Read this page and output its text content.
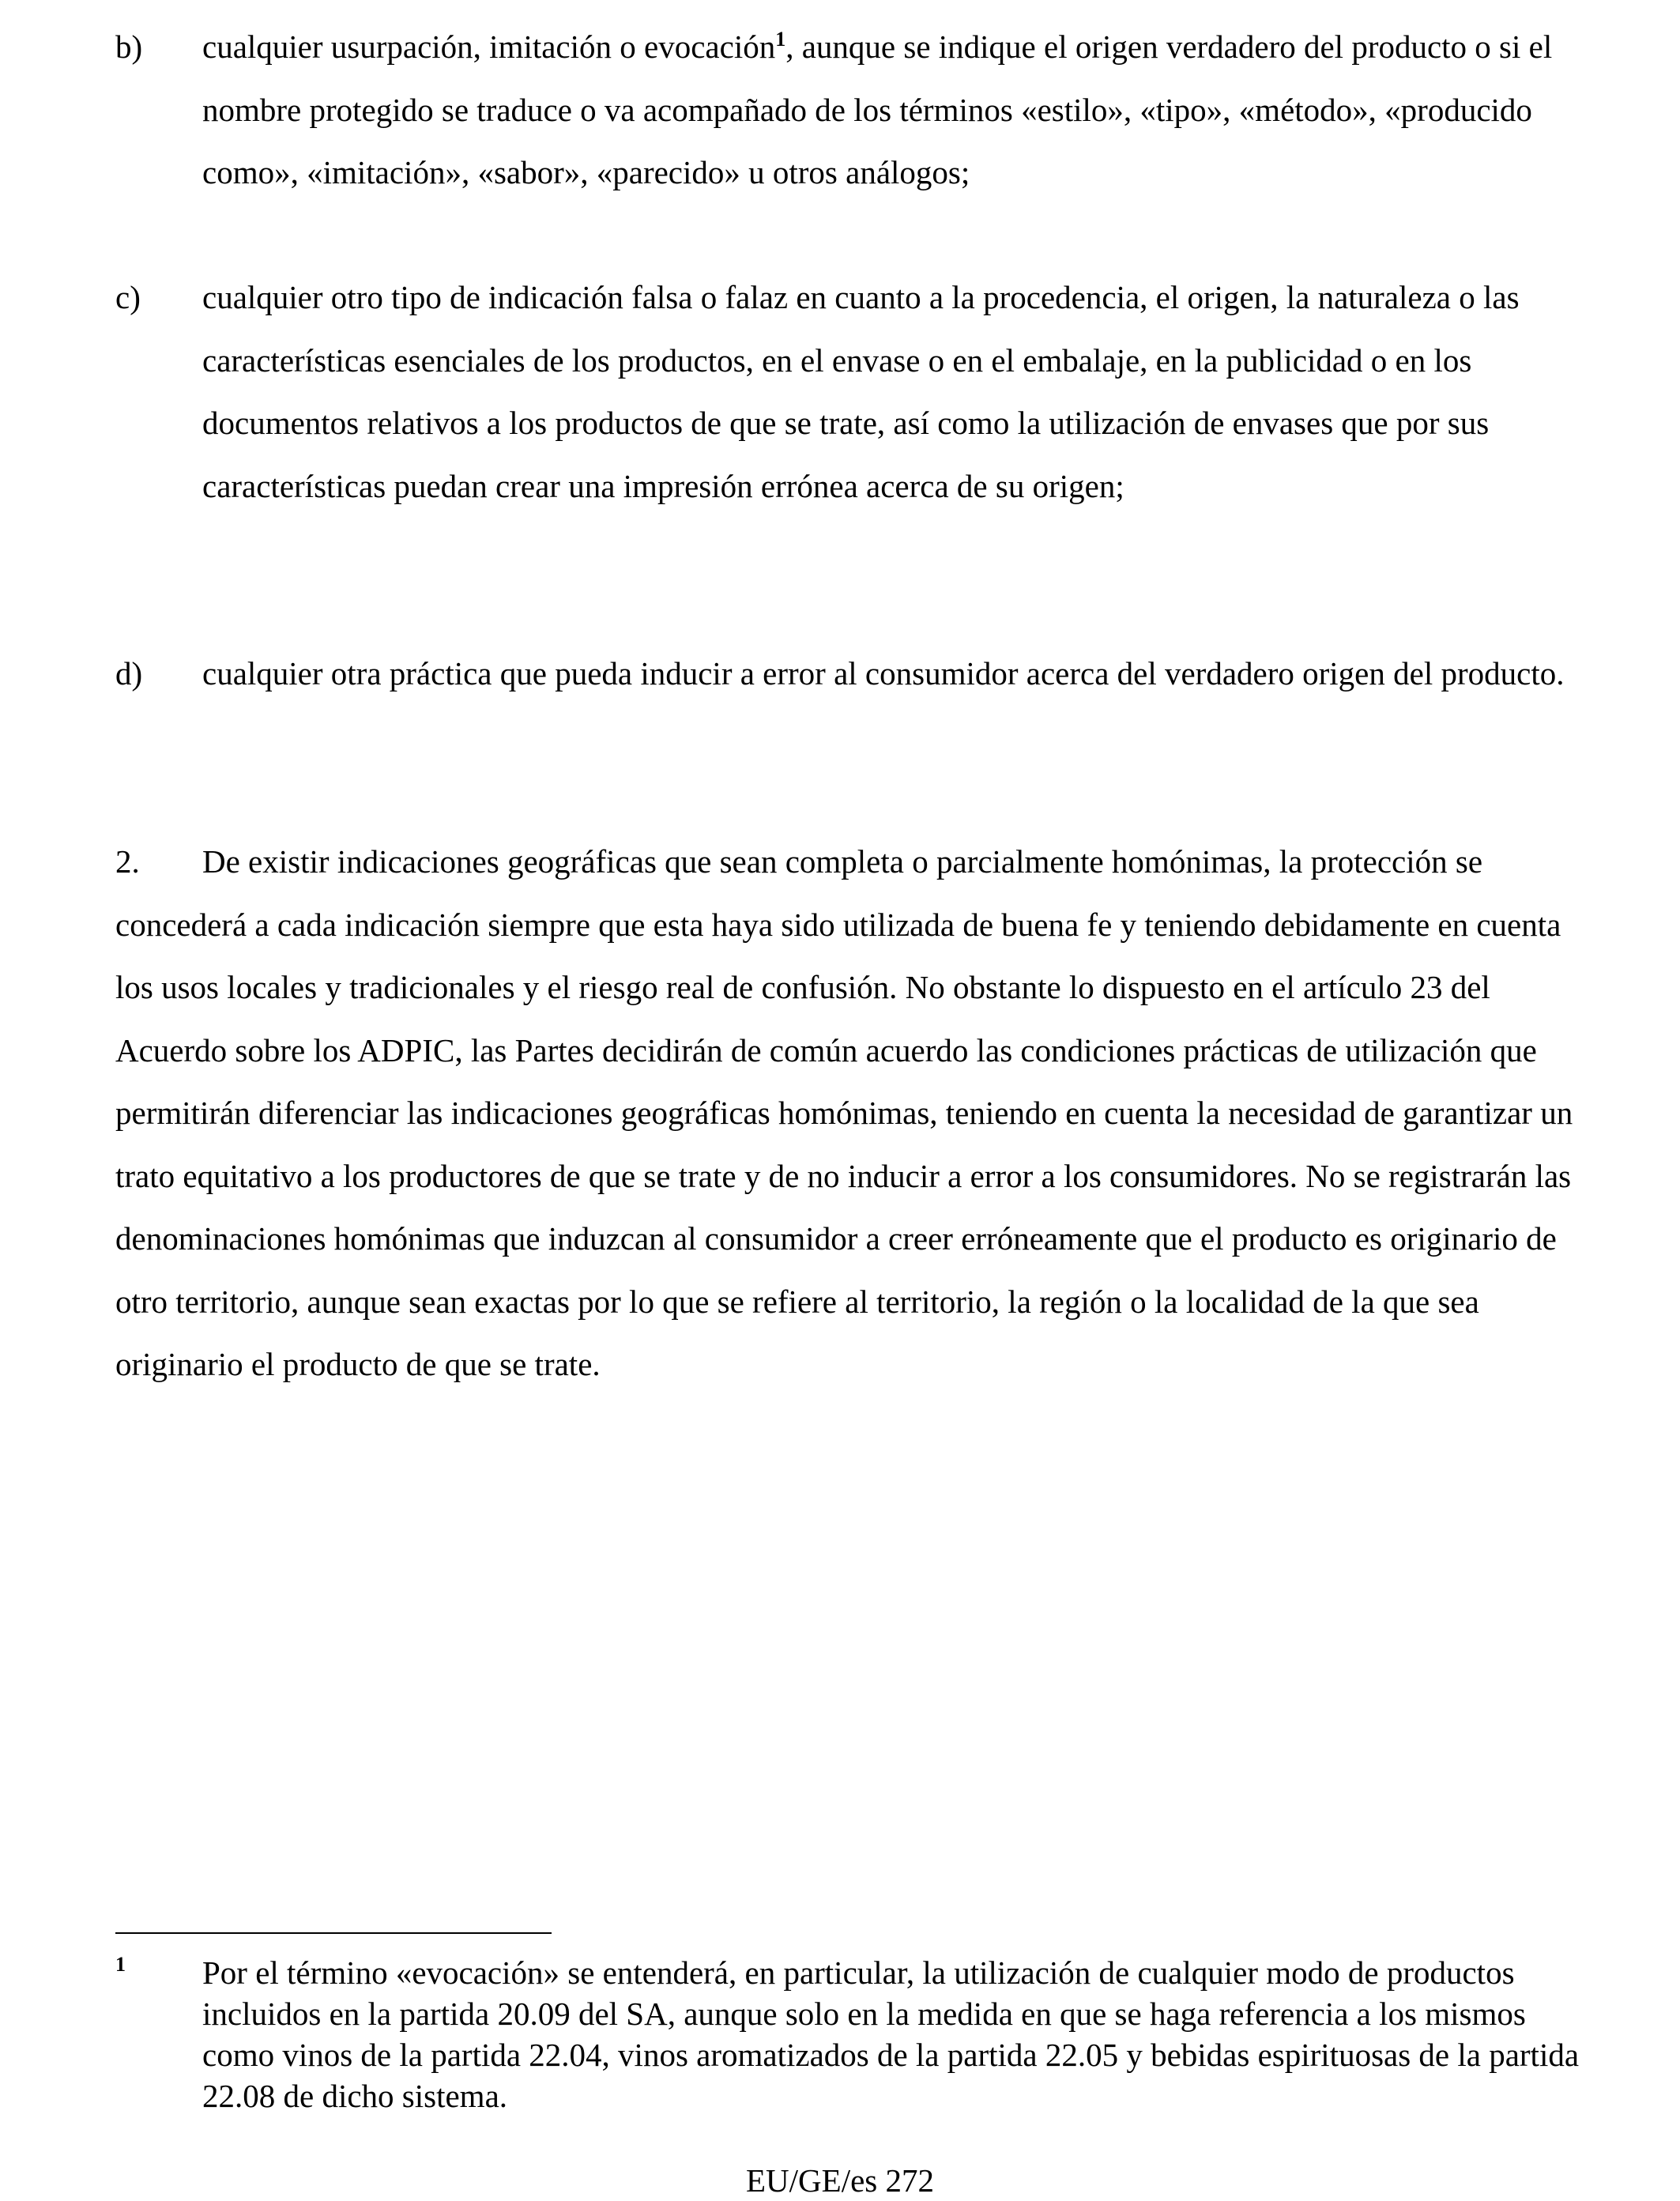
b) cualquier usurpación, imitación o evocación$^1$, aunque se indique el origen verdadero del producto o si el nombre protegido se traduce o va acompañado de los términos «estilo», «tipo», «método», «producido como», «imitación», «sabor», «parecido» u otros análogos;
c) cualquier otro tipo de indicación falsa o falaz en cuanto a la procedencia, el origen, la naturaleza o las características esenciales de los productos, en el envase o en el embalaje, en la publicidad o en los documentos relativos a los productos de que se trate, así como la utilización de envases que por sus características puedan crear una impresión errónea acerca de su origen;
d) cualquier otra práctica que pueda inducir a error al consumidor acerca del verdadero origen del producto.
2. De existir indicaciones geográficas que sean completa o parcialmente homónimas, la protección se concederá a cada indicación siempre que esta haya sido utilizada de buena fe y teniendo debidamente en cuenta los usos locales y tradicionales y el riesgo real de confusión. No obstante lo dispuesto en el artículo 23 del Acuerdo sobre los ADPIC, las Partes decidirán de común acuerdo las condiciones prácticas de utilización que permitirán diferenciar las indicaciones geográficas homónimas, teniendo en cuenta la necesidad de garantizar un trato equitativo a los productores de que se trate y de no inducir a error a los consumidores. No se registrarán las denominaciones homónimas que induzcan al consumidor a creer erróneamente que el producto es originario de otro territorio, aunque sean exactas por lo que se refiere al territorio, la región o la localidad de la que sea originario el producto de que se trate.
1 Por el término «evocación» se entenderá, en particular, la utilización de cualquier modo de productos incluidos en la partida 20.09 del SA, aunque solo en la medida en que se haga referencia a los mismos como vinos de la partida 22.04, vinos aromatizados de la partida 22.05 y bebidas espirituosas de la partida 22.08 de dicho sistema.
EU/GE/es 272
